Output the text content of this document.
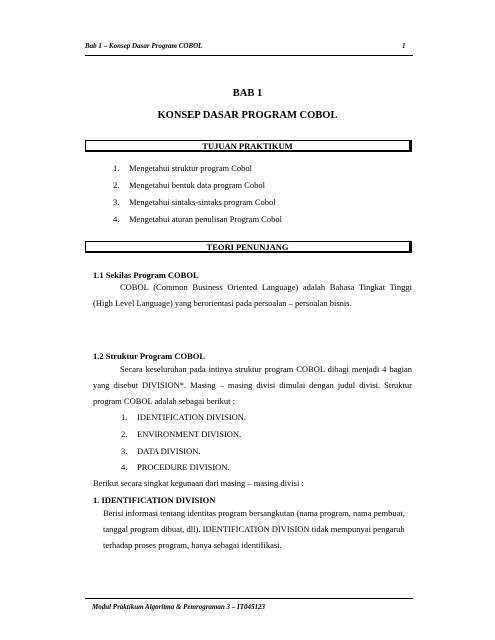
Bab 1 – Konsep Dasar Program COBOL	1
BAB 1
KONSEP DASAR PROGRAM COBOL
TUJUAN PRAKTIKUM
1. Mengetahui struktur program Cobol
2. Mengetahui bentuk data program Cobol
3. Mengetahui sintaks-sintaks program Cobol
4. Mengetahui aturan penulisan Program Cobol
TEORI PENUNJANG
1.1 Sekilas Program COBOL
COBOL (Common Business Oriented Language) adalah Bahasa Tingkat Tinggi (High Level Language) yang berorientasi pada persoalan – persoalan bisnis.
1.2 Struktur Program COBOL
Secara keseluruhan pada intinya struktur program COBOL dibagi menjadi 4 bagian yang disebut DIVISION*. Masing – masing divisi dimulai dengan judul divisi. Struktur program COBOL adalah sebagai berikut :
1. IDENTIFICATION DIVISION.
2. ENVIRONMENT DIVISION.
3. DATA DIVISION.
4. PROCEDURE DIVISION.
Berikut secara singkat kegunaan dari masing – masing divisi :
1. IDENTIFICATION DIVISION
Berisi informasi tentang identitas program bersangkutan (nama program, nama pembuat, tanggal program dibuat, dll). IDENTIFICATION DIVISION tidak mempunyai pengaruh terhadap proses program, hanya sebagai identifikasi.
Modul Praktikum Algoritma & Pemrograman 3 – IT045123
